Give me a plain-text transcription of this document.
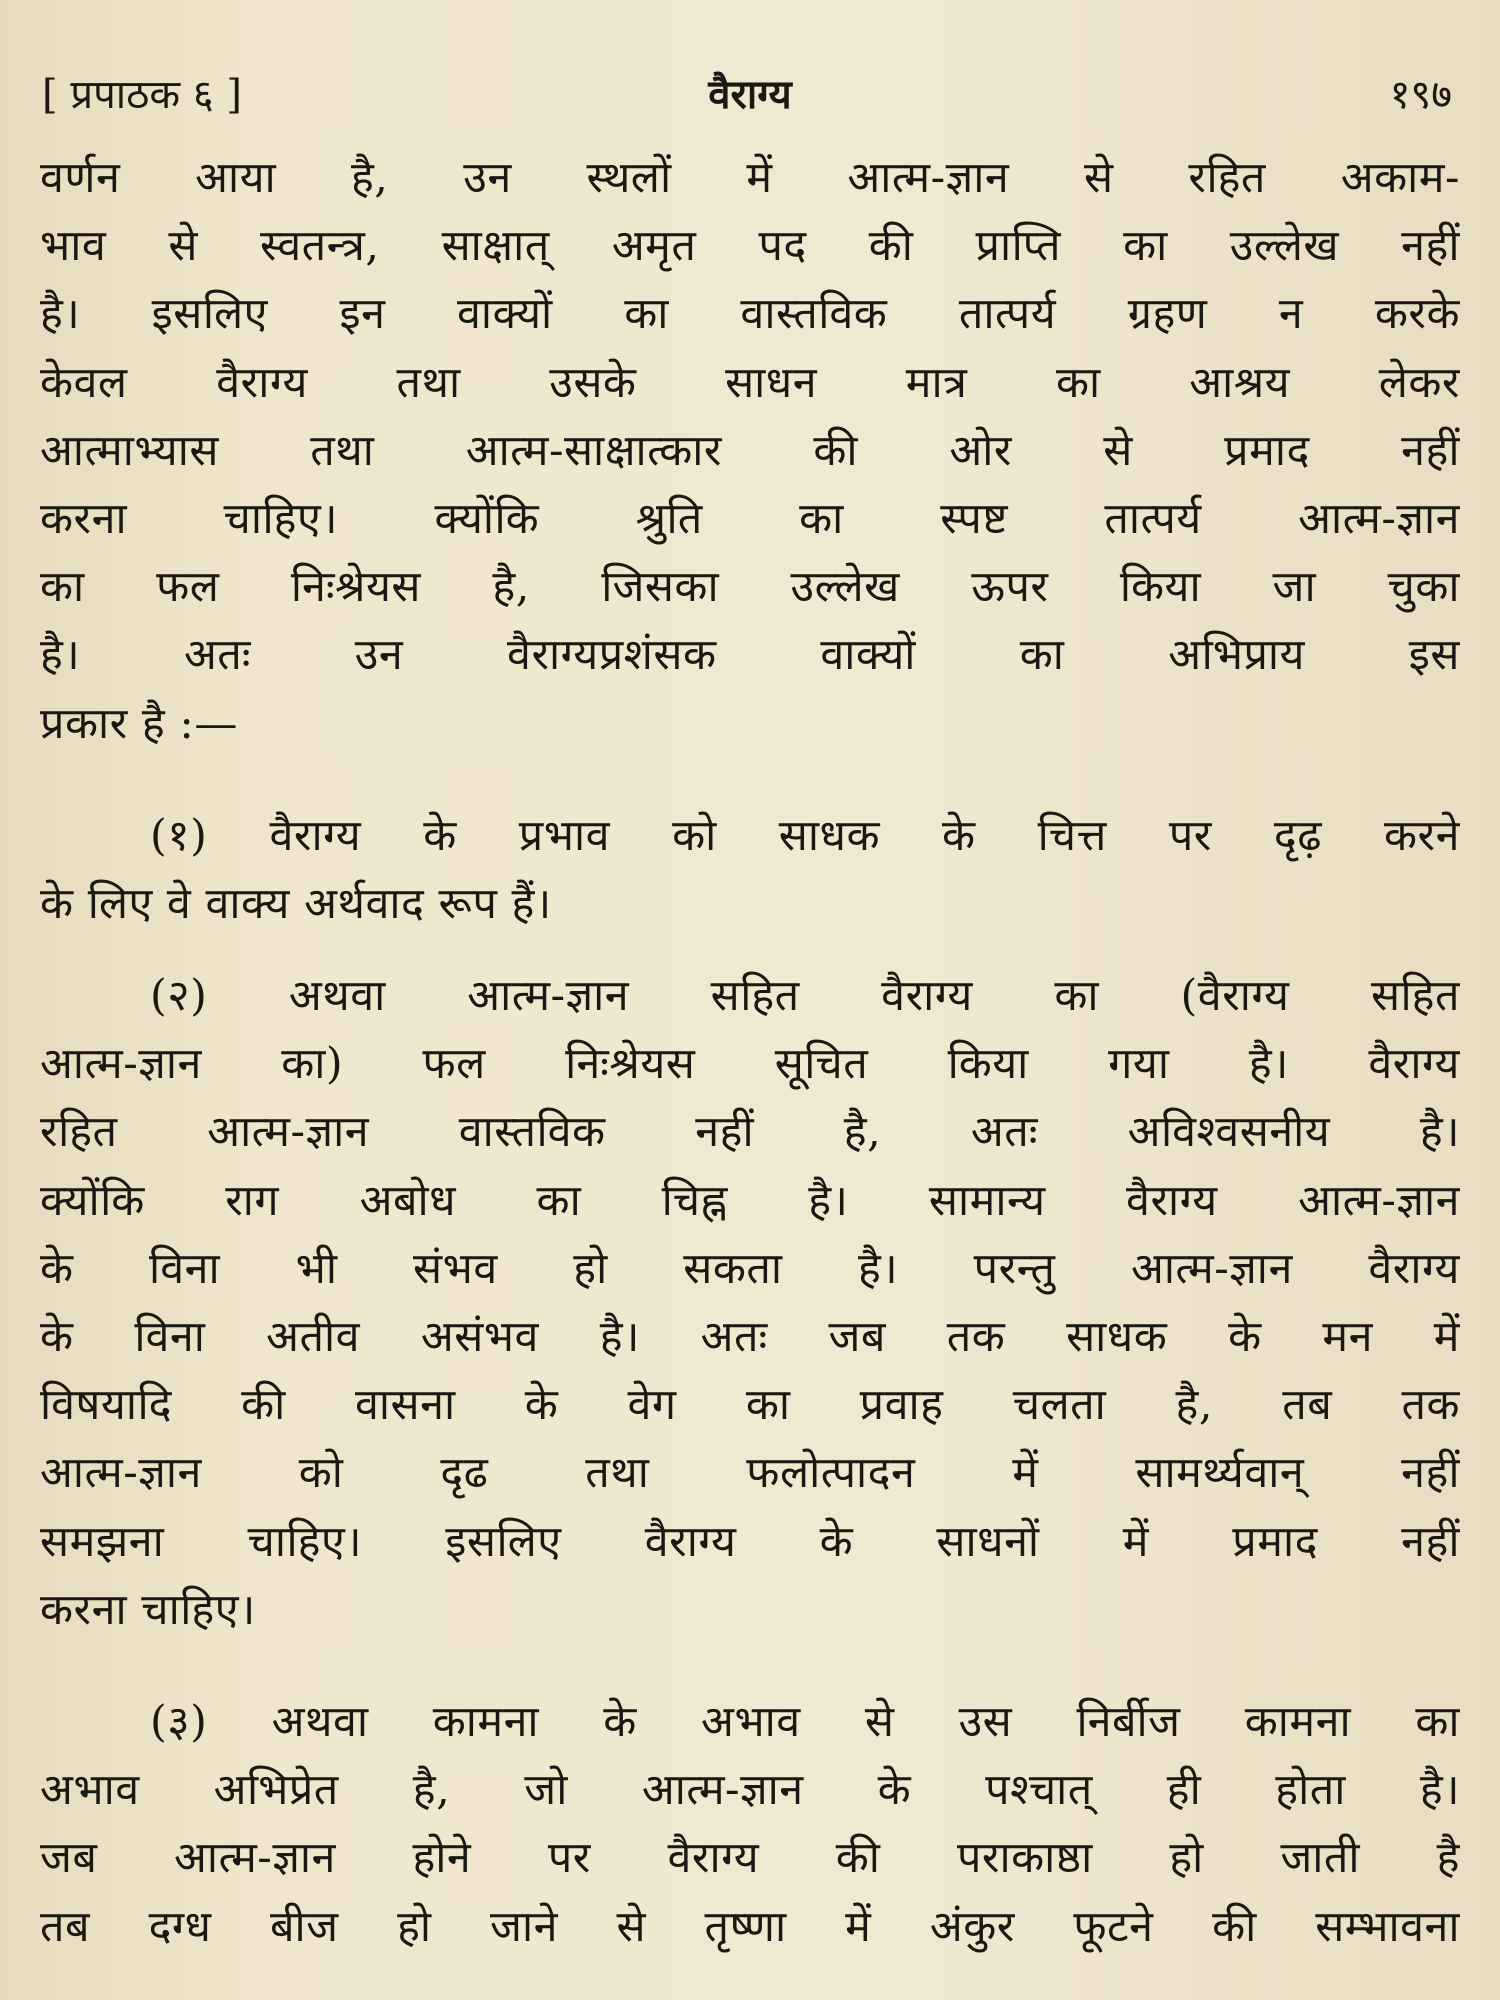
[ प्रपाठक ६ ]	वैराग्य	१९७
वर्णन आया है, उन स्थलों में आत्म-ज्ञान से रहित अकाम-
भाव से स्वतन्त्र, साक्षात् अमृत पद की प्राप्ति का उल्लेख नहीं
है। इसलिए इन वाक्यों का वास्तविक तात्पर्य ग्रहण न करके
केवल वैराग्य तथा उसके साधन मात्र का आश्रय लेकर
आत्माभ्यास तथा आत्म-साक्षात्कार की ओर से प्रमाद नहीं
करना चाहिए। क्योंकि श्रुति का स्पष्ट तात्पर्य आत्म-ज्ञान
का फल निःश्रेयस है, जिसका उल्लेख ऊपर किया जा चुका
है। अतः उन वैराग्यप्रशंसक वाक्यों का अभिप्राय इस
प्रकार है :—
(१) वैराग्य के प्रभाव को साधक के चित्त पर दृढ़ करने
के लिए वे वाक्य अर्थवाद रूप हैं।
(२) अथवा आत्म-ज्ञान सहित वैराग्य का (वैराग्य सहित
आत्म-ज्ञान का) फल निःश्रेयस सूचित किया गया है। वैराग्य
रहित आत्म-ज्ञान वास्तविक नहीं है, अतः अविश्वसनीय है।
क्योंकि राग अबोध का चिह्न है। सामान्य वैराग्य आत्म-ज्ञान
के विना भी संभव हो सकता है। परन्तु आत्म-ज्ञान वैराग्य
के विना अतीव असंभव है। अतः जब तक साधक के मन में
विषयादि की वासना के वेग का प्रवाह चलता है, तब तक
आत्म-ज्ञान को दृढ तथा फलोत्पादन में सामर्थ्यवान् नहीं
समझना चाहिए। इसलिए वैराग्य के साधनों में प्रमाद नहीं
करना चाहिए।
(३) अथवा कामना के अभाव से उस निर्बीज कामना का
अभाव अभिप्रेत है, जो आत्म-ज्ञान के पश्चात् ही होता है।
जब आत्म-ज्ञान होने पर वैराग्य की पराकाष्ठा हो जाती है
तब दग्ध बीज हो जाने से तृष्णा में अंकुर फूटने की सम्भावना
